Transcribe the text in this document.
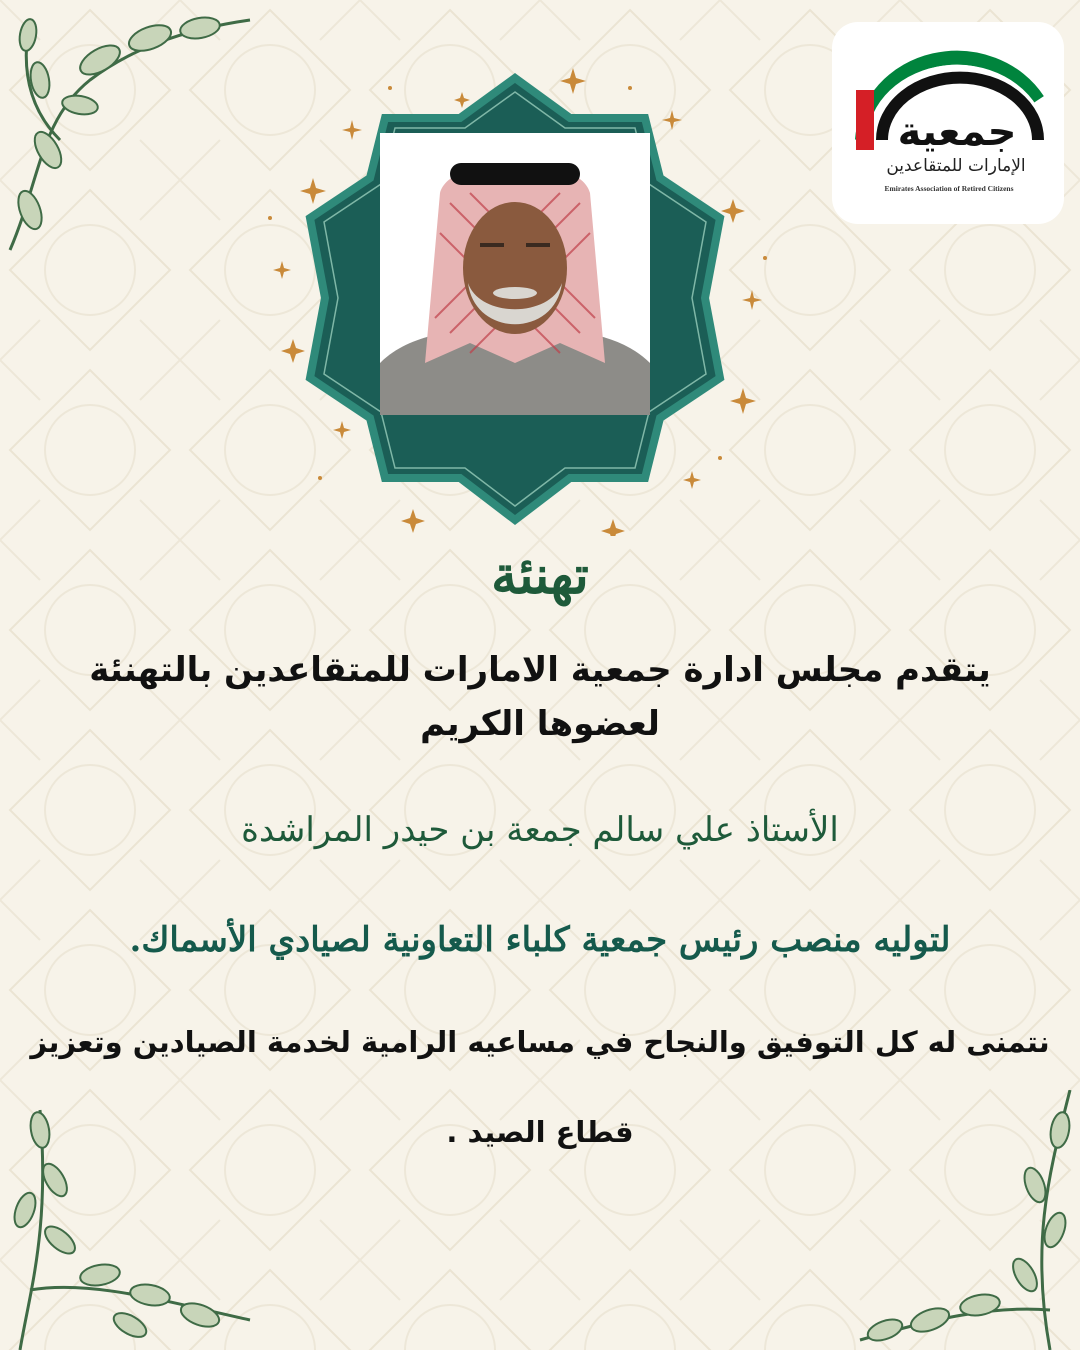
جمعية
الإمارات للمتقاعدين
Emirates Association of Retired Citizens
تهنئة
يتقدم مجلس ادارة جمعية الامارات للمتقاعدين بالتهنئة
لعضوها الكريم
الأستاذ علي سالم جمعة بن حيدر المراشدة
لتوليه منصب رئيس جمعية كلباء التعاونية لصيادي الأسماك.
نتمنى له كل التوفيق والنجاح في مساعيه الرامية لخدمة الصيادين وتعزيز
قطاع الصيد .
